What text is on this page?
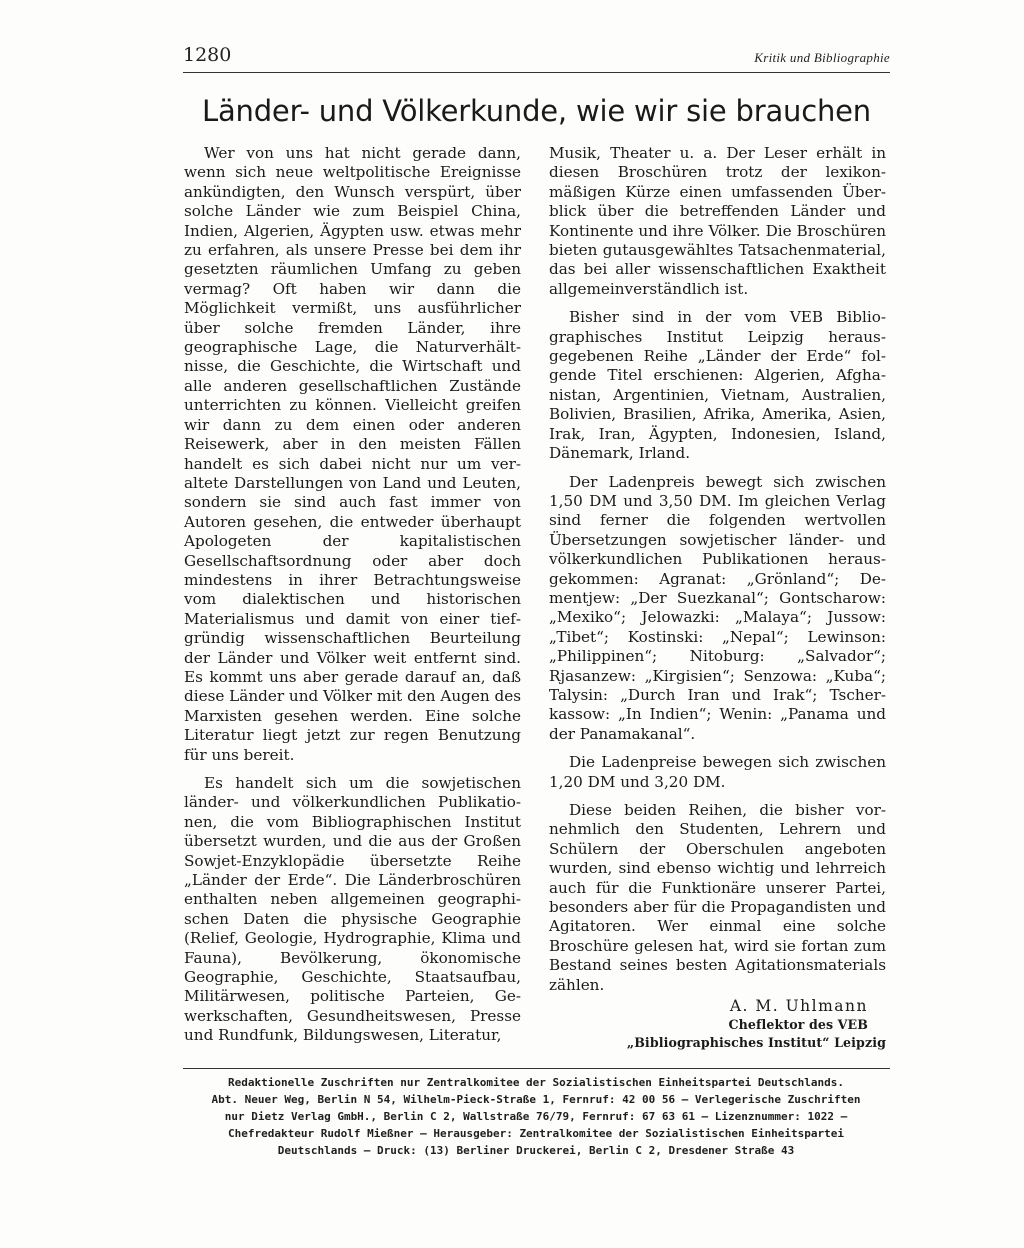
1280	Kritik und Bibliographie
Länder- und Völkerkunde, wie wir sie brauchen

Wer von uns hat nicht gerade dann, wenn sich neue weltpolitische Ereignisse ankündigten, den Wunsch verspürt, über solche Länder wie zum Beispiel China, Indien, Algerien, Ägypten usw. etwas mehr zu erfahren, als unsere Presse bei dem ihr gesetzten räumlichen Umfang zu geben vermag? Oft haben wir dann die Möglichkeit vermißt, uns ausführlicher über solche fremden Länder, ihre geographische Lage, die Naturverhältnisse, die Geschichte, die Wirtschaft und alle anderen gesellschaftlichen Zustände unterrichten zu können. Vielleicht greifen wir dann zu dem einen oder anderen Reisewerk, aber in den meisten Fällen handelt es sich dabei nicht nur um veraltete Darstellungen von Land und Leuten, sondern sie sind auch fast immer von Autoren gesehen, die entweder überhaupt Apologeten der kapitalistischen Gesellschaftsordnung oder aber doch mindestens in ihrer Betrachtungsweise vom dialektischen und historischen Materialismus und damit von einer tiefgründig wissenschaftlichen Beurteilung der Länder und Völker weit entfernt sind. Es kommt uns aber gerade darauf an, daß diese Länder und Völker mit den Augen des Marxisten gesehen werden. Eine solche Literatur liegt jetzt zur regen Benutzung für uns bereit.

Es handelt sich um die sowjetischen länder- und völkerkundlichen Publikationen, die vom Bibliographischen Institut übersetzt wurden, und die aus der Großen Sowjet-Enzyklopädie übersetzte Reihe „Länder der Erde“. Die Länderbroschüren enthalten neben allgemeinen geographischen Daten die physische Geographie (Relief, Geologie, Hydrographie, Klima und Fauna), Bevölkerung, ökonomische Geographie, Geschichte, Staatsaufbau, Militärwesen, politische Parteien, Gewerkschaften, Gesundheitswesen, Presse und Rundfunk, Bildungswesen, Literatur,

Musik, Theater u. a. Der Leser erhält in diesen Broschüren trotz der lexikonmäßigen Kürze einen umfassenden Überblick über die betreffenden Länder und Kontinente und ihre Völker. Die Broschüren bieten gutausgewähltes Tatsachenmaterial, das bei aller wissenschaftlichen Exaktheit allgemeinverständlich ist.

Bisher sind in der vom VEB Bibliographisches Institut Leipzig herausgegebenen Reihe „Länder der Erde“ folgende Titel erschienen: Algerien, Afghanistan, Argentinien, Vietnam, Australien, Bolivien, Brasilien, Afrika, Amerika, Asien, Irak, Iran, Ägypten, Indonesien, Island, Dänemark, Irland.

Der Ladenpreis bewegt sich zwischen 1,50 DM und 3,50 DM. Im gleichen Verlag sind ferner die folgenden wertvollen Übersetzungen sowjetischer länder- und völkerkundlichen Publikationen herausgekommen: Agranat: „Grönland“; Dementjew: „Der Suezkanal“; Gontscharow: „Mexiko“; Jelowazki: „Malaya“; Jussow: „Tibet“; Kostinski: „Nepal“; Lewinson: „Philippinen“; Nitoburg: „Salvador“; Rjasanzew: „Kirgisien“; Senzowa: „Kuba“; Talysin: „Durch Iran und Irak“; Tscherkassow: „In Indien“; Wenin: „Panama und der Panamakanal“.

Die Ladenpreise bewegen sich zwischen 1,20 DM und 3,20 DM.

Diese beiden Reihen, die bisher vornehmlich den Studenten, Lehrern und Schülern der Oberschulen angeboten wurden, sind ebenso wichtig und lehrreich auch für die Funktionäre unserer Partei, besonders aber für die Propagandisten und Agitatoren. Wer einmal eine solche Broschüre gelesen hat, wird sie fortan zum Bestand seines besten Agitationsmaterials zählen.

A. M. Uhlmann
Cheflektor des VEB
„Bibliographisches Institut“ Leipzig
Redaktionelle Zuschriften nur Zentralkomitee der Sozialistischen Einheitspartei Deutschlands.
Abt. Neuer Weg, Berlin N 54, Wilhelm-Pieck-Straße 1, Fernruf: 42 00 56 — Verlegerische Zuschriften
nur Dietz Verlag GmbH., Berlin C 2, Wallstraße 76/79, Fernruf: 67 63 61 — Lizenznummer: 1022 —
Chefredakteur Rudolf Mießner — Herausgeber: Zentralkomitee der Sozialistischen Einheitspartei
Deutschlands — Druck: (13) Berliner Druckerei, Berlin C 2, Dresdener Straße 43
